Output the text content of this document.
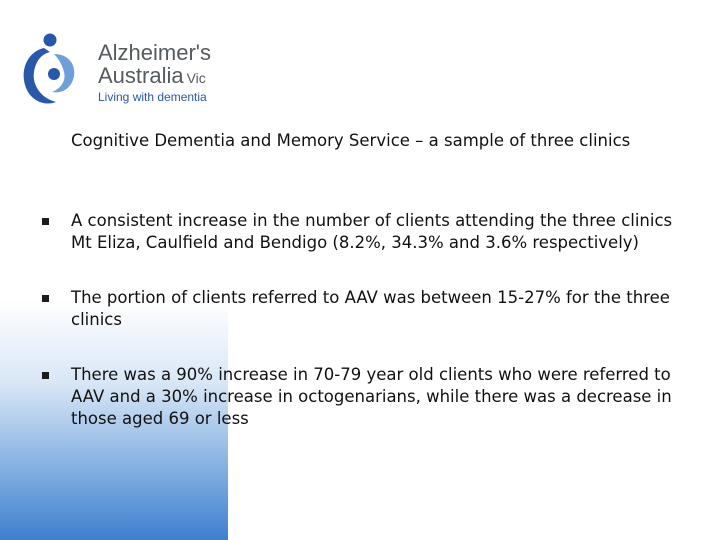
Alzheimer's
Australia Vic
Living with dementia
Cognitive Dementia and Memory Service – a sample of three clinics
A consistent increase in the number of clients attending the three clinics Mt Eliza, Caulfield and Bendigo (8.2%, 34.3% and 3.6% respectively)
The portion of clients referred to AAV was between 15-27% for the three clinics
There was a 90% increase in 70-79 year old clients who were referred to AAV and a 30% increase in octogenarians, while there was a decrease in those aged 69 or less
